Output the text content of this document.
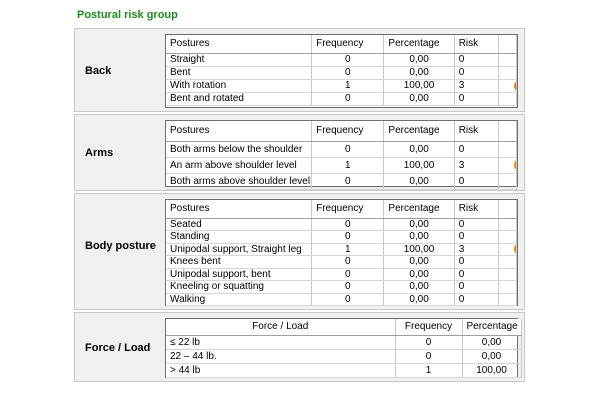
Postural risk group
Back
Postures	Frequency	Percentage	Risk	
Straight	0	0,00	0	
Bent	0	0,00	0	
With rotation	1	100,00	3	

Bent and rotated	0	0,00	0	
Arms
Postures	Frequency	Percentage	Risk	
Both arms below the shoulder	0	0,00	0	
An arm above shoulder level	1	100,00	3	

Both arms above shoulder level	0	0,00	0	
Body posture
Postures	Frequency	Percentage	Risk	
Seated	0	0,00	0	
Standing	0	0,00	0	
Unipodal support, Straight leg	1	100,00	3	

Knees bent	0	0,00	0	
Unipodal support, bent	0	0,00	0	
Kneeling or squatting	0	0,00	0	
Walking	0	0,00	0	
Force / Load
Force / Load	Frequency	Percentage
≤ 22 lb	0	0,00
22 – 44 lb.	0	0,00
> 44 lb	1	100,00
